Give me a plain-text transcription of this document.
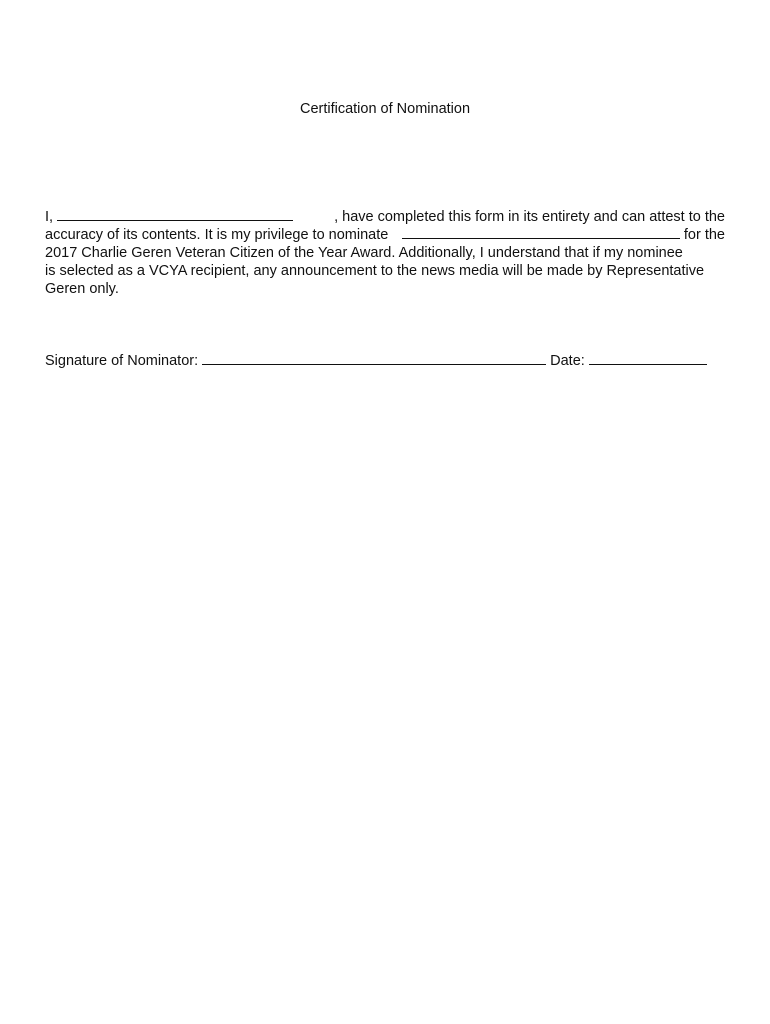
Certification of Nomination
I,	, have completed this form in its entirety and can attest to the
accuracy of its contents. It is my privilege to nominate	for the
2017 Charlie Geren Veteran Citizen of the Year Award. Additionally, I understand that if my nominee
is selected as a VCYA recipient, any announcement to the news media will be made by Representative
Geren only.
Signature of Nominator:	Date:
